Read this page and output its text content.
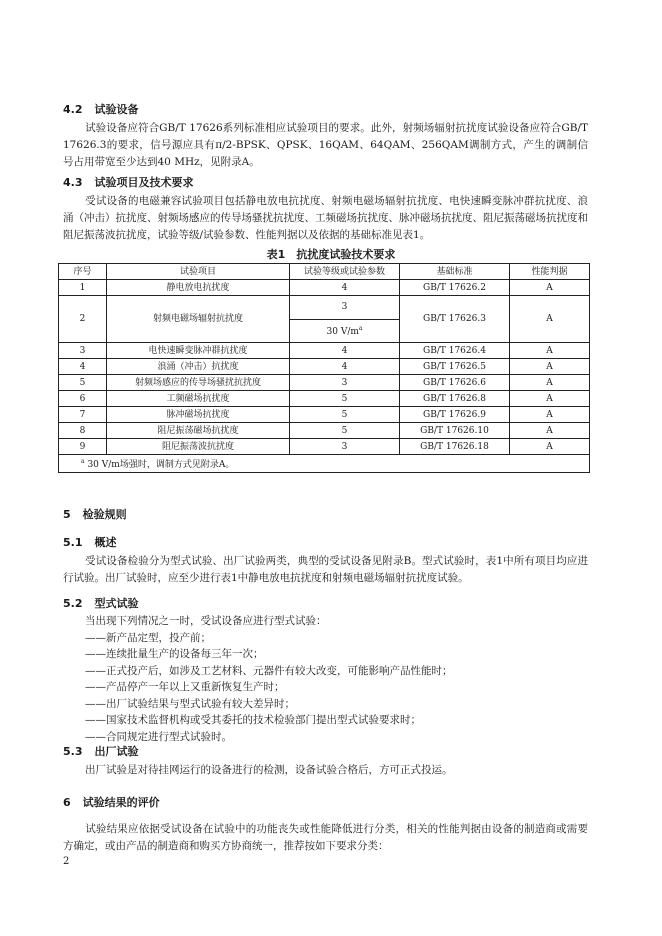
4.2 试验设备
试验设备应符合GB/T 17626系列标准相应试验项目的要求。此外，射频场辐射抗扰度试验设备应符合GB/T 17626.3的要求，信号源应具有π/2-BPSK、QPSK、16QAM、64QAM、256QAM调制方式，产生的调制信号占用带宽至少达到40 MHz，见附录A。
4.3 试验项目及技术要求
受试设备的电磁兼容试验项目包括静电放电抗扰度、射频电磁场辐射抗扰度、电快速瞬变脉冲群抗扰度、浪涌（冲击）抗扰度、射频场感应的传导场骚扰抗扰度、工频磁场抗扰度、脉冲磁场抗扰度、阻尼振荡磁场抗扰度和阻尼振荡波抗扰度，试验等级/试验参数、性能判据以及依据的基础标准见表1。
表1　抗扰度试验技术要求
序号	试验项目	试验等级或试验参数	基础标准	性能判据
1	静电放电抗扰度	4	GB/T 17626.2	A
2	射频电磁场辐射抗扰度	3	GB/T 17626.3	A
		30 $V/m^a$
3	电快速瞬变脉冲群抗扰度	4	GB/T 17626.4	A
4	浪涌（冲击）抗扰度	4	GB/T 17626.5	A
5	射频场感应的传导场骚扰抗扰度	3	GB/T 17626.6	A
6	工频磁场抗扰度	5	GB/T 17626.8	A
7	脉冲磁场抗扰度	5	GB/T 17626.9	A
8	阻尼振荡磁场抗扰度	5	GB/T 17626.10	A
9	阻尼振荡波抗扰度	3	GB/T 17626.18	A
$^a$ 30 V/m场强时，调制方式见附录A。				
5 检验规则
5.1 概述
受试设备检验分为型式试验、出厂试验两类，典型的受试设备见附录B。型式试验时，表1中所有项目均应进行试验。出厂试验时，应至少进行表1中静电放电抗扰度和射频电磁场辐射抗扰度试验。
5.2 型式试验
当出现下列情况之一时，受试设备应进行型式试验：
——新产品定型，投产前；
——连续批量生产的设备每三年一次；
——正式投产后，如涉及工艺材料、元器件有较大改变，可能影响产品性能时；
——产品停产一年以上又重新恢复生产时；
——出厂试验结果与型式试验有较大差异时；
——国家技术监督机构或受其委托的技术检验部门提出型式试验要求时；
——合同规定进行型式试验时。
5.3 出厂试验
出厂试验是对待挂网运行的设备进行的检测，设备试验合格后，方可正式投运。
6 试验结果的评价
试验结果应依据受试设备在试验中的功能丧失或性能降低进行分类，相关的性能判据由设备的制造商或需要方确定，或由产品的制造商和购买方协商统一，推荐按如下要求分类：
2
